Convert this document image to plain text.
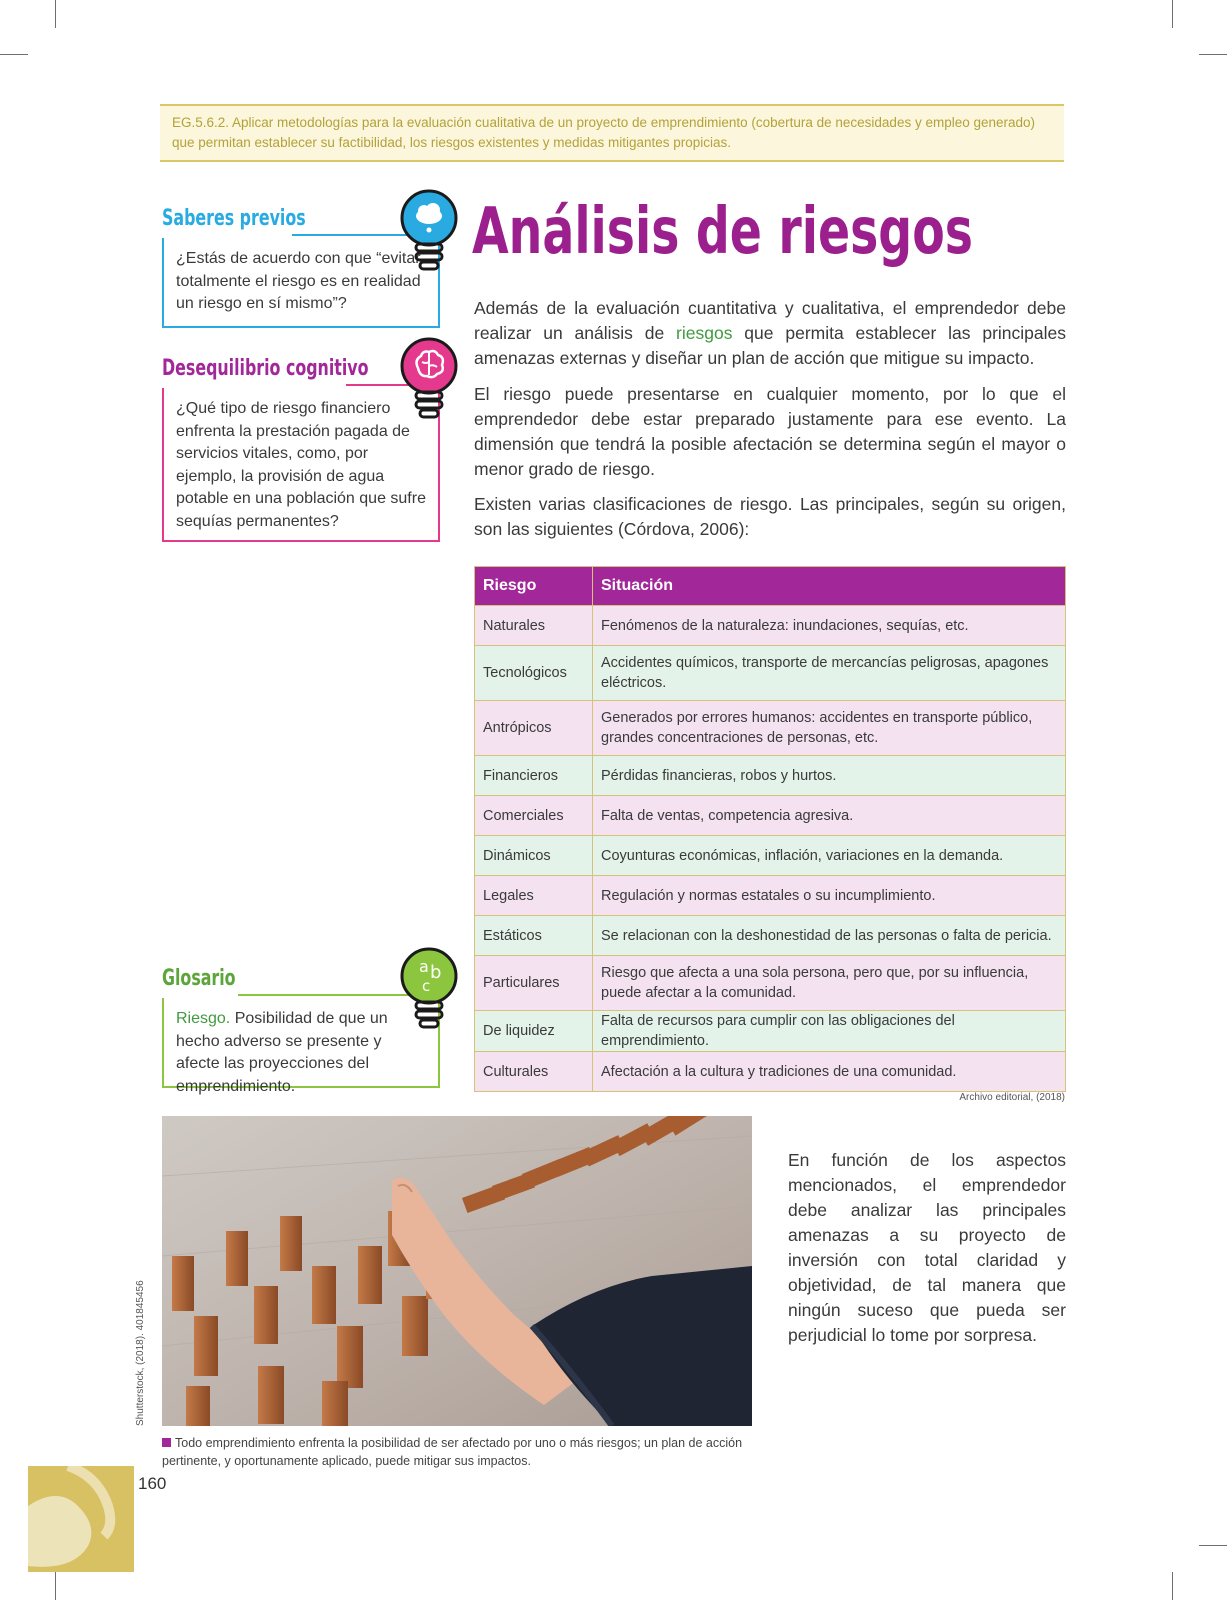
EG.5.6.2. Aplicar metodologías para la evaluación cualitativa de un proyecto de emprendimiento (cobertura de necesidades y empleo generado) que permitan establecer su factibilidad, los riesgos existentes y medidas mitigantes propicias.
Saberes previos
¿Estás de acuerdo con que “evitar totalmente el riesgo es en realidad un riesgo en sí mismo”?
Desequilibrio cognitivo
¿Qué tipo de riesgo financiero enfrenta la prestación pagada de servicios vitales, como, por ejemplo, la provisión de agua potable en una población que sufre sequías permanentes?
Glosario
Riesgo. Posibilidad de que un hecho adverso se presente y afecte las proyecciones del emprendimiento.
a b
c
Análisis de riesgos

Además de la evaluación cuantitativa y cualitativa, el emprendedor debe realizar un análisis de riesgos que permita establecer las principales amenazas externas y diseñar un plan de acción que mitigue su impacto.

El riesgo puede presentarse en cualquier momento, por lo que el emprendedor debe estar preparado justamente para ese evento. La dimensión que tendrá la posible afectación se determina según el mayor o menor grado de riesgo.

Existen varias clasificaciones de riesgo. Las principales, según su origen, son las siguientes (Córdova, 2006):

Riesgo	Situación
Naturales	Fenómenos de la naturaleza: inundaciones, sequías, etc.
Tecnológicos	Accidentes químicos, transporte de mercancías peligrosas, apagones eléctricos.
Antrópicos	Generados por errores humanos: accidentes en transporte público, grandes concentraciones de personas, etc.
Financieros	Pérdidas financieras, robos y hurtos.
Comerciales	Falta de ventas, competencia agresiva.
Dinámicos	Coyunturas económicas, inflación, variaciones en la demanda.
Legales	Regulación y normas estatales o su incumplimiento.
Estáticos	Se relacionan con la deshonestidad de las personas o falta de pericia.
Particulares	Riesgo que afecta a una sola persona, pero que, por su influencia, puede afectar a la comunidad.
De liquidez	Falta de recursos para cumplir con las obligaciones del emprendimiento.
Culturales	Afectación a la cultura y tradiciones de una comunidad.
Archivo editorial, (2018)
Todo emprendimiento enfrenta la posibilidad de ser afectado por uno o más riesgos; un plan de acción pertinente, y oportunamente aplicado, puede mitigar sus impactos.
Shutterstock, (2018). 401845456

En función de los aspectos mencionados, el emprendedor debe analizar las principales amenazas a su proyecto de inversión con total claridad y objetividad, de tal manera que ningún suceso que pueda ser perjudicial lo tome por sorpresa.

160
